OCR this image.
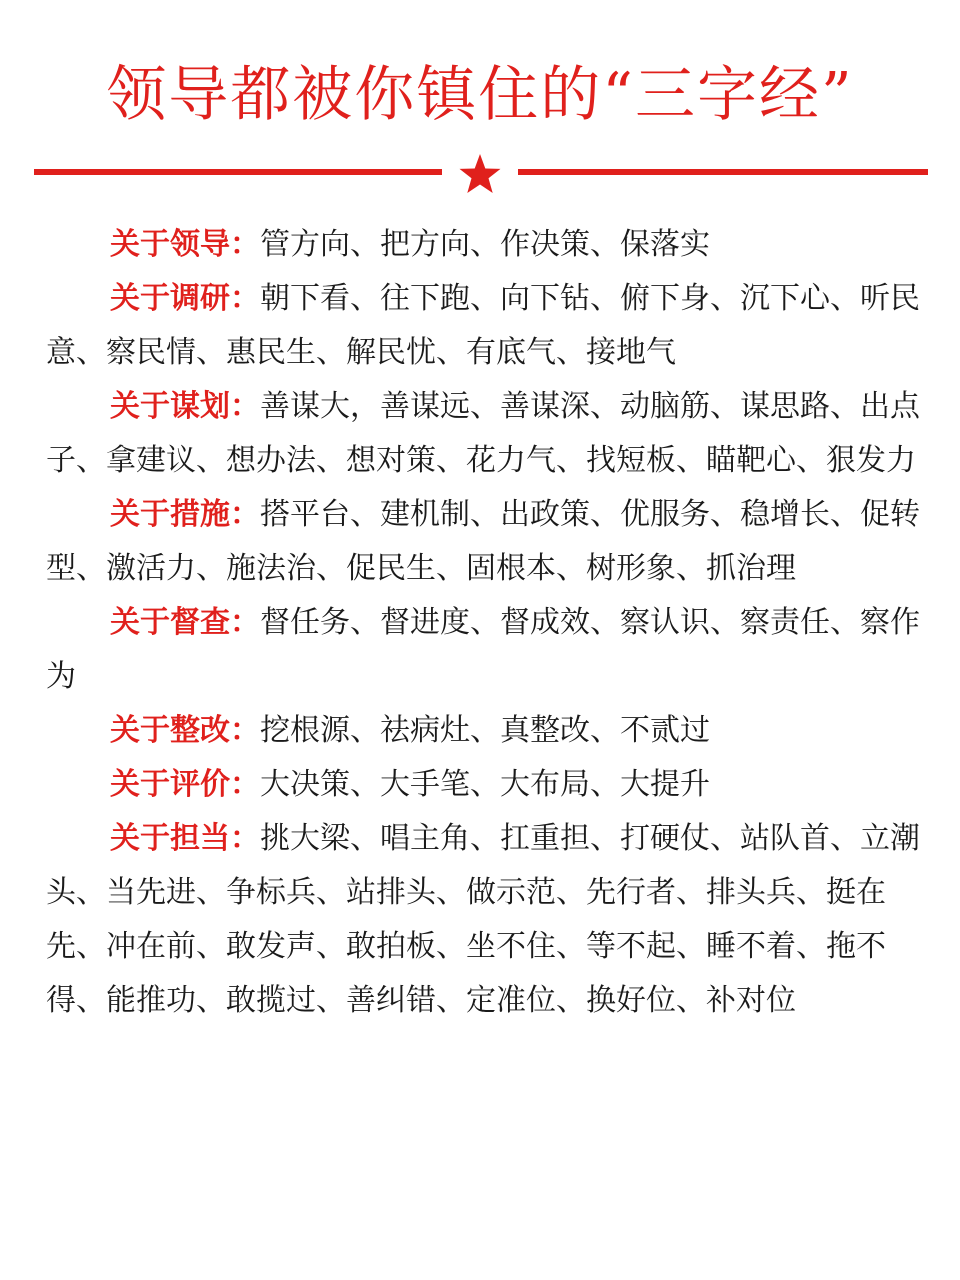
领导都被你镇住的“三字经”

关于领导：管方向、把方向、作决策、保落实

关于调研：朝下看、往下跑、向下钻、俯下身、沉下心、听民意、察民情、惠民生、解民忧、有底气、接地气

关于谋划：善谋大，善谋远、善谋深、动脑筋、谋思路、出点子、拿建议、想办法、想对策、花力气、找短板、瞄靶心、狠发力

关于措施：搭平台、建机制、出政策、优服务、稳增长、促转型、激活力、施法治、促民生、固根本、树形象、抓治理

关于督查：督任务、督进度、督成效、察认识、察责任、察作为

关于整改：挖根源、祛病灶、真整改、不贰过

关于评价：大决策、大手笔、大布局、大提升

关于担当：挑大梁、唱主角、扛重担、打硬仗、站队首、立潮头、当先进、争标兵、站排头、做示范、先行者、排头兵、挺在先、冲在前、敢发声、敢拍板、坐不住、等不起、睡不着、拖不得、能推功、敢揽过、善纠错、定准位、换好位、补对位
